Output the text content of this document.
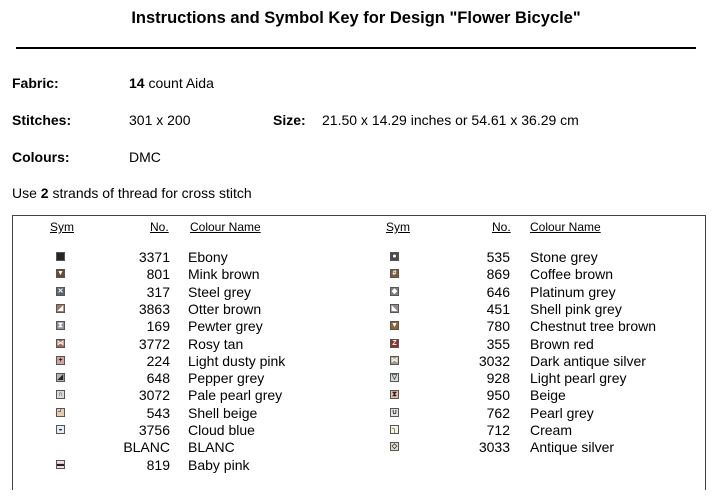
Instructions and Symbol Key for Design "Flower Bicycle"
Fabric:	14 count Aida
Stitches:	301 x 200	Size: 21.50 x 14.29 inches or 54.61 x 36.29 cm
Colours:	DMC
Use 2 strands of thread for cross stitch
Sym	No. Colour Name	Sym	No. Colour Name
3371 Ebony
▼	801 Mink brown
✕	317 Steel grey
◢	3863 Otter brown
⧗	169 Pewter grey
⋈	3772 Rosy tan
+	224 Light dusty pink
◢	648 Pepper grey
∩	3072 Pale pearl grey
┘	543 Shell beige
◒	3756 Cloud blue
BLANC BLANC
▬	819 Baby pink
●	535 Stone grey
#	869 Coffee brown
◆	646 Platinum grey
◣	451 Shell pink grey
▼	780 Chestnut tree brown
Z	355 Brown red
⋈	3032 Dark antique silver
▽	928 Light pearl grey
⧗	950 Beige
∪	762 Pearl grey
┐	712 Cream
◇	3033 Antique silver
